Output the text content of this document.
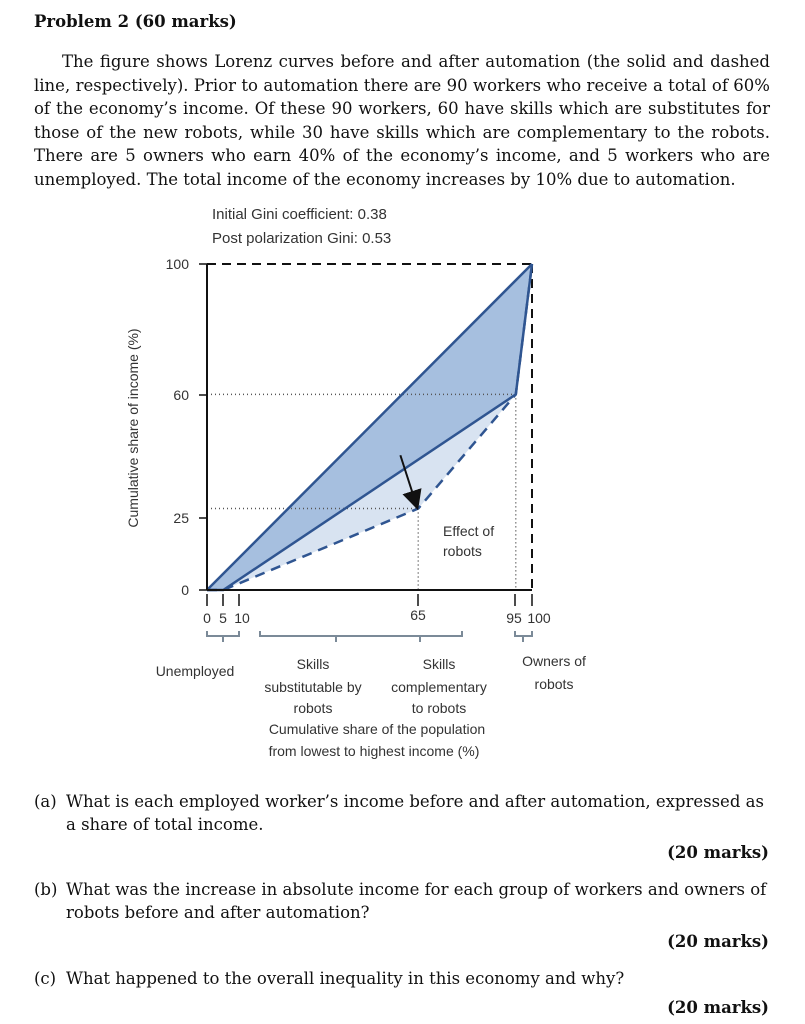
Problem 2 (60 marks)
The figure shows Lorenz curves before and after automation (the solid and dashed line, respectively). Prior to automation there are 90 workers who receive a total of 60% of the economy’s income. Of these 90 workers, 60 have skills which are substitutes for those of the new robots, while 30 have skills which are complementary to the robots. There are 5 owners who earn 40% of the economy’s income, and 5 workers who are unemployed. The total income of the economy increases by 10% due to automation.
Initial Gini coefficient: 0.38
Post polarization Gini: 0.53
Cumulative share of income (%)
Effect of
robots
100
60
25
0
0 5 10	65	95 100
Unemployed	Skills
substitutable by
robots
Skills
complementary
to robots
Owners of
robots
Cumulative share of the population
from lowest to highest income (%)
(a) What is each employed worker’s income before and after automation, expressed as a share of total income.
(20 marks)
(b) What was the increase in absolute income for each group of workers and owners of robots before and after automation?
(20 marks)
(c) What happened to the overall inequality in this economy and why?
(20 marks)
